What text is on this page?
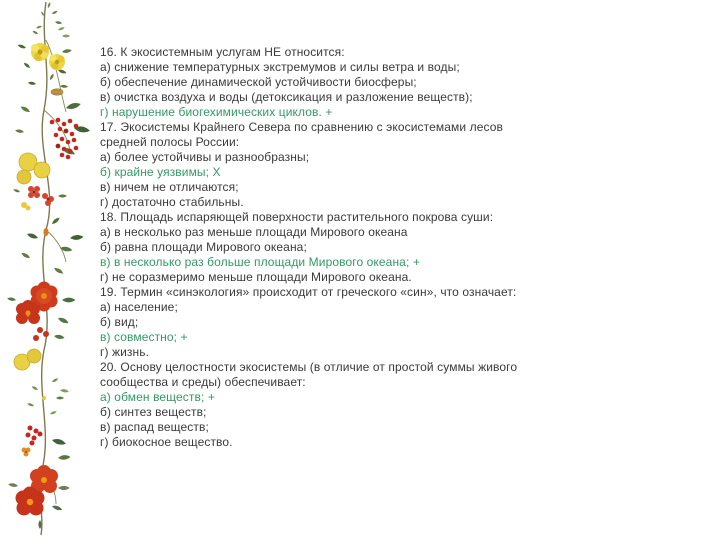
16. К экосистемным услугам НЕ относится:
а) снижение температурных экстремумов и силы ветра и воды;
б) обеспечение динамической устойчивости биосферы;
в) очистка воздуха и воды (детоксикация и разложение веществ);
г) нарушение биогехимических циклов. +
17. Экосистемы Крайнего Севера по сравнению с экосистемами лесов
средней полосы России:
а) более устойчивы и разнообразны;
б) крайне уязвимы; Х
в) ничем не отличаются;
г) достаточно стабильны.
18. Площадь испаряющей поверхности растительного покрова суши:
а) в несколько раз меньше площади Мирового океана
б) равна площади Мирового океана;
в) в несколько раз больше площади Мирового океана; +
г) не соразмеримо меньше площади Мирового океана.
19. Термин «синэкология» происходит от греческого «син», что означает:
а) население;
б) вид;
в) совместно; +
г) жизнь.
20. Основу целостности экосистемы (в отличие от простой суммы живого
сообщества и среды) обеспечивает:
а) обмен веществ; +
б) синтез веществ;
в) распад веществ;
г) биокосное вещество.
